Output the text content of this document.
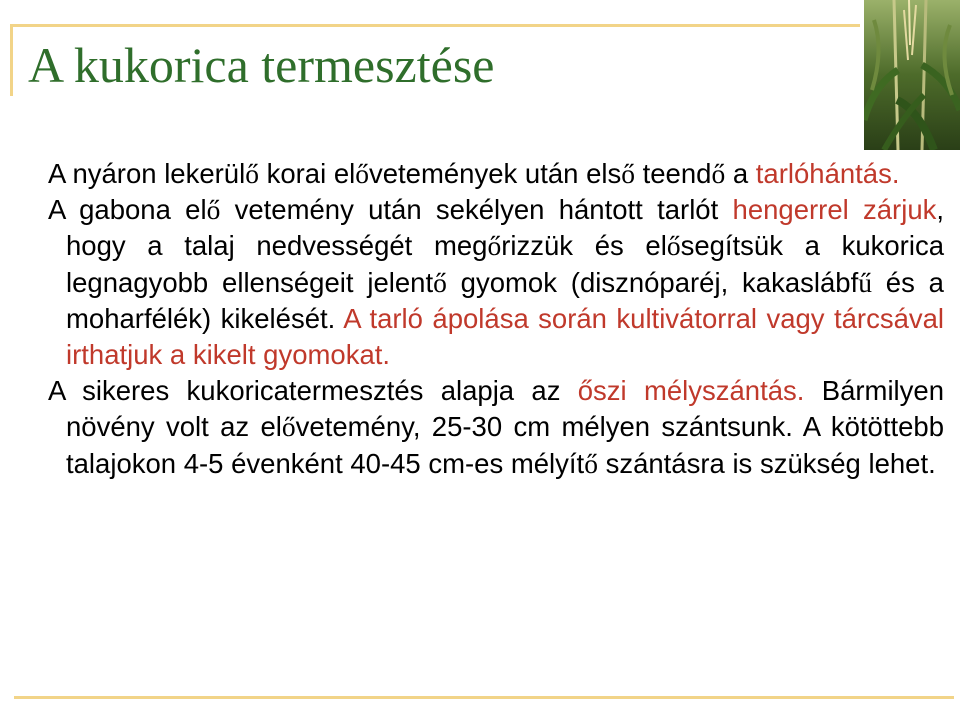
A kukorica termesztése

A nyáron lekerülő korai elővetemények után első teendő a tarlóhántás.

A gabona elő vetemény után sekélyen hántott tarlót hengerrel zárjuk, hogy a talaj nedvességét megőrizzük és elősegítsük a kukorica legnagyobb ellenségeit jelentő gyomok (disznóparéj, kakaslábfű és a moharfélék) kikelését. A tarló ápolása során kultivátorral vagy tárcsával irthatjuk a kikelt gyomokat.

A sikeres kukoricatermesztés alapja az őszi mélyszántás. Bármilyen növény volt az elővetemény, 25-30 cm mélyen szántsunk. A kötöttebb talajokon 4-5 évenként 40-45 cm-es mélyítő szántásra is szükség lehet.
